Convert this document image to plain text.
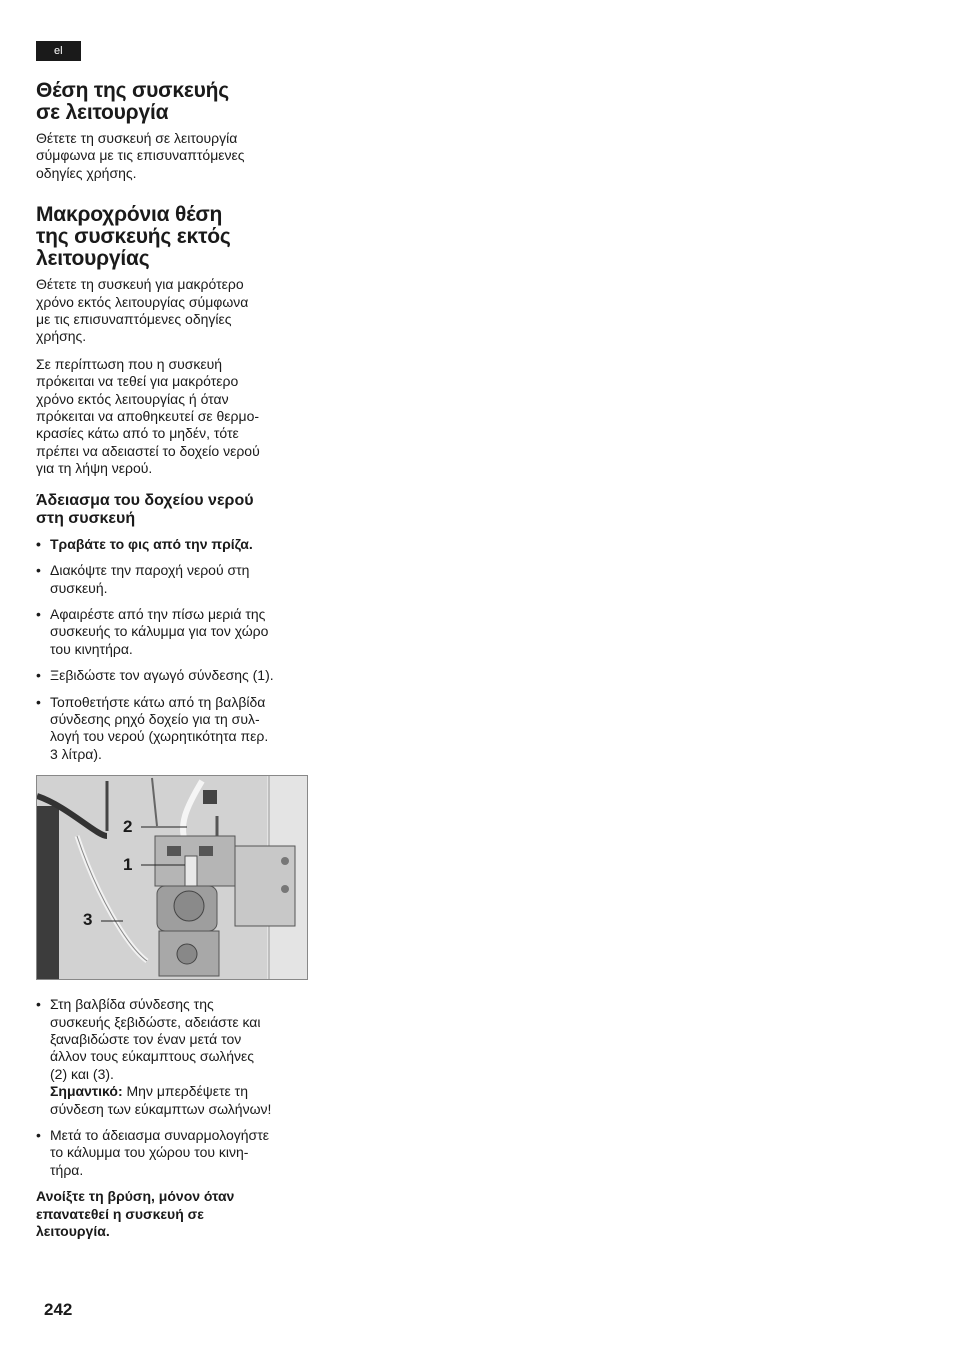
el
Θέση της συσκευής
σε λειτουργία

Θέτετε τη συσκευή σε λειτουργία
σύμφωνα με τις επισυναπτόμενες
οδηγίες χρήσης.

Μακροχρόνια θέση
της συσκευής εκτός
λειτουργίας

Θέτετε τη συσκευή για μακρότερο
χρόνο εκτός λειτουργίας σύμφωνα
με τις επισυναπτόμενες οδηγίες
χρήσης.

Σε περίπτωση που η συσκευή
πρόκειται να τεθεί για μακρότερο
χρόνο εκτός λειτουργίας ή όταν
πρόκειται να αποθηκευτεί σε θερμο-
κρασίες κάτω από το μηδέν, τότε
πρέπει να αδειαστεί το δοχείο νερού
για τη λήψη νερού.

Άδειασμα του δοχείου νερού
στη συσκευή
• Τραβάτε το φις από την πρίζα.
• Διακόψτε την παροχή νερού στη
συσκευή.
• Αφαιρέστε από την πίσω μεριά της
συσκευής το κάλυμμα για τον χώρο
του κινητήρα.
• Ξεβιδώστε τον αγωγό σύνδεσης (1).
• Τοποθετήστε κάτω από τη βαλβίδα
σύνδεσης ρηχό δοχείο για τη συλ-
λογή του νερού (χωρητικότητα περ.
3 λίτρα).
2
1
3
• Στη βαλβίδα σύνδεσης της
συσκευής ξεβιδώστε, αδειάστε και
ξαναβιδώστε τον έναν μετά τον
άλλον τους εύκαμπτους σωλήνες
(2) και (3).
Σημαντικό: Μην μπερδέψετε τη
σύνδεση των εύκαμπτων σωλήνων!
• Μετά το άδειασμα συναρμολογήστε
το κάλυμμα του χώρου του κινη-
τήρα.
Ανοίξτε τη βρύση, μόνον όταν
επανατεθεί η συσκευή σε
λειτουργία.
242
